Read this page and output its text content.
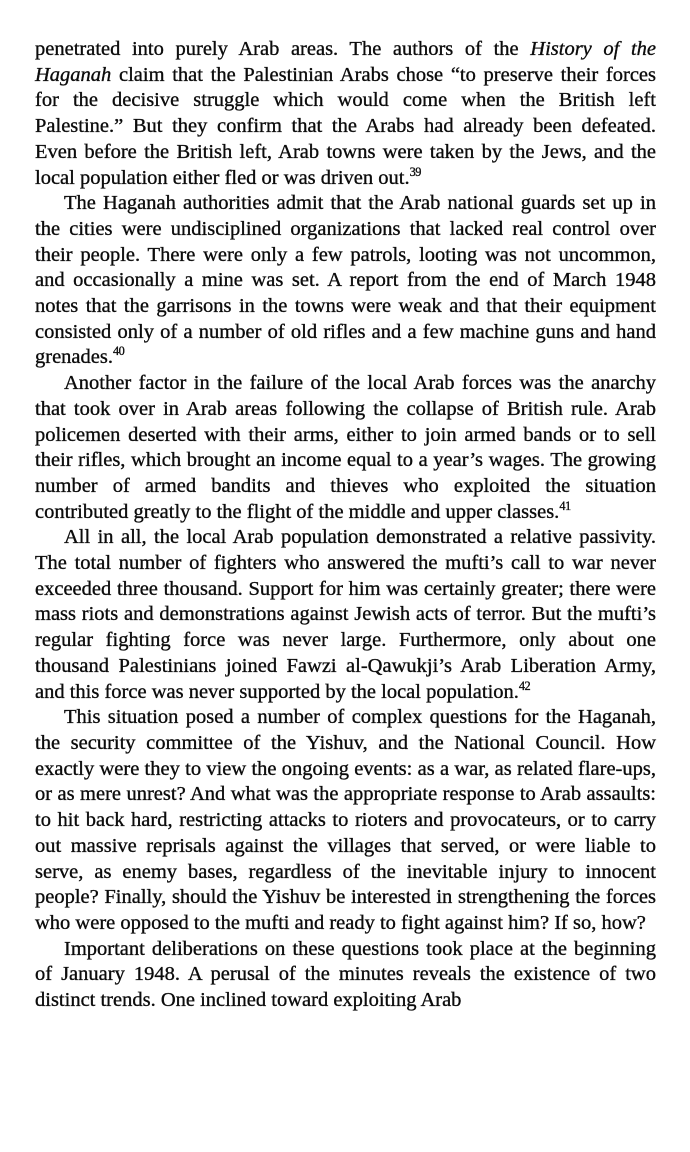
penetrated into purely Arab areas. The authors of the History of the Haganah claim that the Palestinian Arabs chose “to preserve their forces for the decisive struggle which would come when the British left Palestine.” But they confirm that the Arabs had already been defeated. Even before the British left, Arab towns were taken by the Jews, and the local population either fled or was driven out.$^{39}$

The Haganah authorities admit that the Arab national guards set up in the cities were undisciplined organizations that lacked real control over their people. There were only a few patrols, looting was not uncommon, and occasionally a mine was set. A report from the end of March 1948 notes that the garrisons in the towns were weak and that their equipment consisted only of a number of old rifles and a few machine guns and hand grenades.$^{40}$

Another factor in the failure of the local Arab forces was the anarchy that took over in Arab areas following the collapse of British rule. Arab policemen deserted with their arms, either to join armed bands or to sell their rifles, which brought an income equal to a year’s wages. The growing number of armed bandits and thieves who exploited the situation contributed greatly to the flight of the middle and upper classes.$^{41}$

All in all, the local Arab population demonstrated a relative passivity. The total number of fighters who answered the mufti’s call to war never exceeded three thousand. Support for him was certainly greater; there were mass riots and demonstrations against Jewish acts of terror. But the mufti’s regular fighting force was never large. Furthermore, only about one thousand Palestinians joined Fawzi al-Qawukji’s Arab Liberation Army, and this force was never supported by the local population.$^{42}$

This situation posed a number of complex questions for the Haganah, the security committee of the Yishuv, and the National Council. How exactly were they to view the ongoing events: as a war, as related flare-ups, or as mere unrest? And what was the appropriate response to Arab assaults: to hit back hard, restricting attacks to rioters and provocateurs, or to carry out massive reprisals against the villages that served, or were liable to serve, as enemy bases, regardless of the inevitable injury to innocent people? Finally, should the Yishuv be interested in strengthening the forces who were opposed to the mufti and ready to fight against him? If so, how?

Important deliberations on these questions took place at the beginning of January 1948. A perusal of the minutes reveals the existence of two distinct trends. One inclined toward exploiting Arab
